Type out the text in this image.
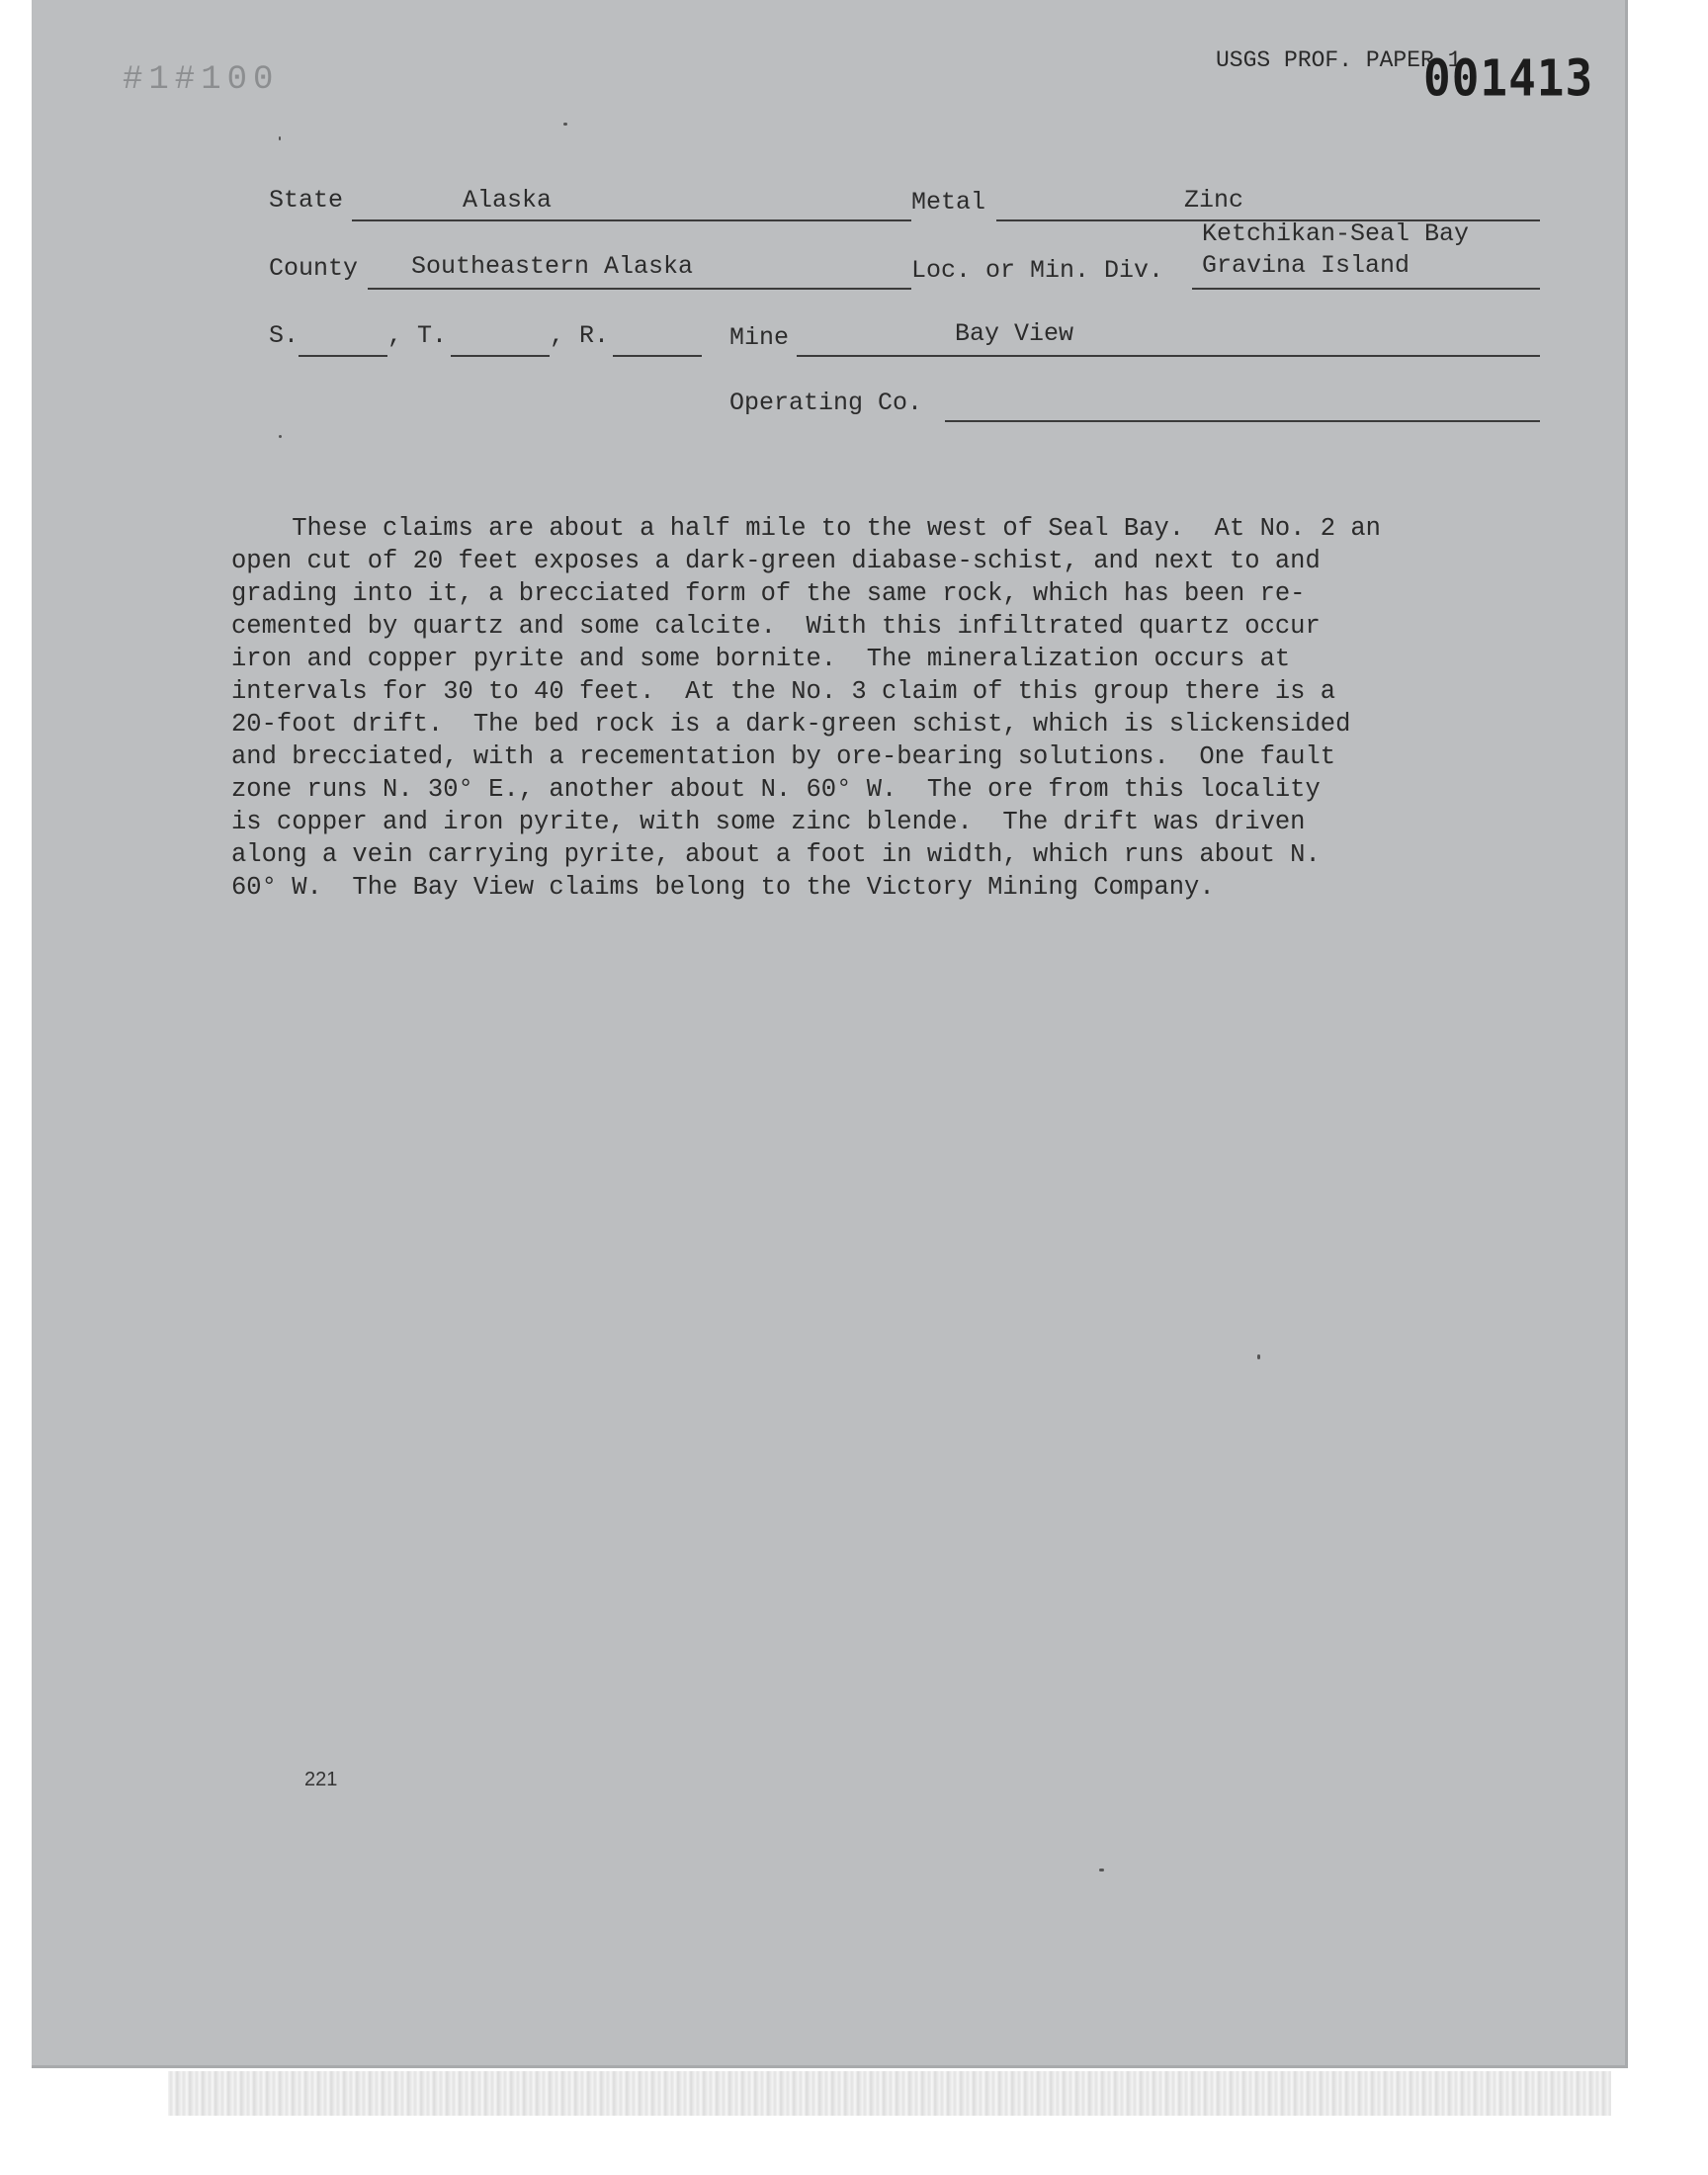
#1#100
USGS PROF. PAPER 1
001413
State	Alaska	Metal	Zinc
County Southeastern Alaska	Loc. or Min. Div.
Ketchikan-Seal Bay
Gravina Island
S.	, T.	, R.	Mine	Bay View
Operating Co.
These claims are about a half mile to the west of Seal Bay.  At No. 2 an
open cut of 20 feet exposes a dark-green diabase-schist, and next to and
grading into it, a brecciated form of the same rock, which has been re-
cemented by quartz and some calcite.  With this infiltrated quartz occur
iron and copper pyrite and some bornite.  The mineralization occurs at
intervals for 30 to 40 feet.  At the No. 3 claim of this group there is a
20-foot drift.  The bed rock is a dark-green schist, which is slickensided
and brecciated, with a recementation by ore-bearing solutions.  One fault
zone runs N. 30° E., another about N. 60° W.  The ore from this locality
is copper and iron pyrite, with some zinc blende.  The drift was driven
along a vein carrying pyrite, about a foot in width, which runs about N.
60° W.  The Bay View claims belong to the Victory Mining Company.
221
